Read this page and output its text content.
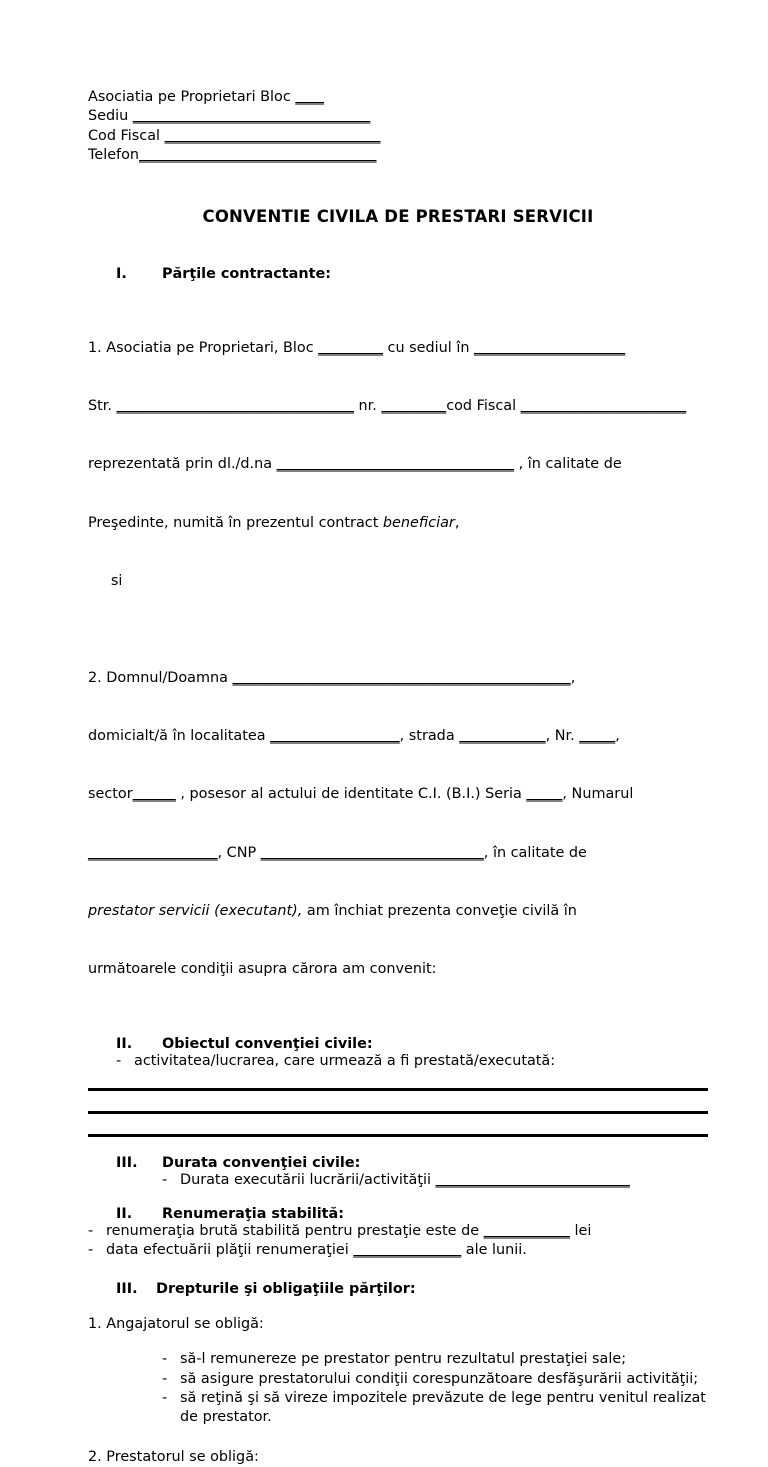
Asociatia pe Proprietari Bloc ____
Sediu _________________________________
Cod Fiscal ______________________________
Telefon_________________________________
CONVENTIE CIVILA DE PRESTARI SERVICII
I. Părţile contractante:

1. Asociatia pe Proprietari, Bloc _________ cu sediul în _____________________

Str. _________________________________ nr. _________cod Fiscal _______________________

reprezentată prin dl./d.na _________________________________ , în calitate de

Preşedinte, numită în prezentul contract beneficiar,

si

2. Domnul/Doamna _______________________________________________,

domicialt/ă în localitatea __________________, strada ____________, Nr. _____,

sector______ , posesor al actului de identitate C.I. (B.I.) Seria _____, Numarul

__________________, CNP _______________________________, în calitate de

prestator servicii (executant), am închiat prezenta conveţie civilă în

următoarele condiţii asupra cărora am convenit:

II. Obiectul convenţiei civile:
- activitatea/lucrarea, care urmează a fi prestată/executată:
III. Durata convenţiei civile:
- Durata executării lucrării/activităţii ___________________________
II. Renumeraţia stabilită:
- renumeraţia brută stabilită pentru prestaţie este de ____________ lei
- data efectuării plăţii renumeraţiei _______________ ale lunii.
III. Drepturile şi obligaţiile părţilor:
1. Angajatorul se obligă:
- să-l remunereze pe prestator pentru rezultatul prestaţiei sale;
- să asigure prestatorului condiţii corespunzătoare desfăşurării activităţii;
- să reţină şi să vireze impozitele prevăzute de lege pentru venitul realizat de prestator.
2. Prestatorul se obligă:
